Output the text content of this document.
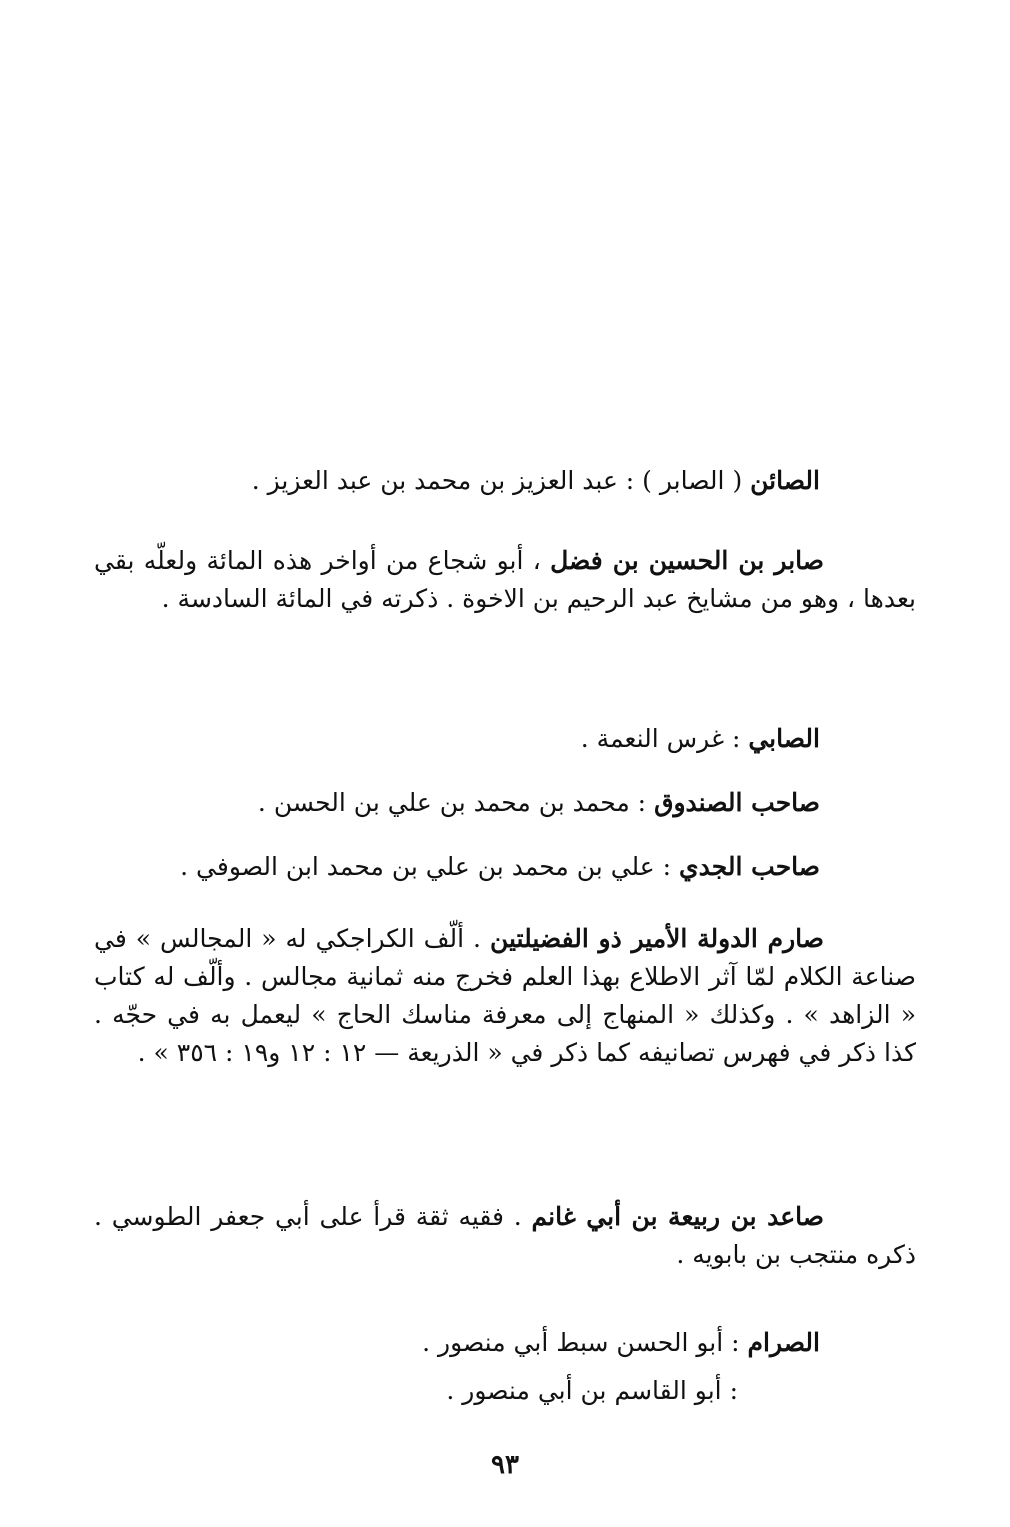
الصائن ( الصابر ) : عبد العزيز بن محمد بن عبد العزيز .

صابر بن الحسين بن فضل ، أبو شجاع من أواخر هذه المائة ولعلّه بقي بعدها ، وهو من مشايخ عبد الرحيم بن الاخوة . ذكرته في المائة السادسة .

الصابي : غرس النعمة .

صاحب الصندوق : محمد بن محمد بن علي بن الحسن .

صاحب الجدي : علي بن محمد بن علي بن محمد ابن الصوفي .

صارم الدولة الأمير ذو الفضيلتين . ألّف الكراجكي له « المجالس » في صناعة الكلام لمّا آثر الاطلاع بهذا العلم فخرج منه ثمانية مجالس . وألّف له كتاب « الزاهد » . وكذلك « المنهاج إلى معرفة مناسك الحاج » ليعمل به في حجّه . كذا ذكر في فهرس تصانيفه كما ذكر في « الذريعة — ١٢ : ١٢ و١٩ : ٣٥٦ » .

صاعد بن ربيعة بن أبي غانم . فقيه ثقة قرأ على أبي جعفر الطوسي . ذكره منتجب بن بابويه .

الصرام : أبو الحسن سبط أبي منصور .

: أبو القاسم بن أبي منصور .

٩٣
